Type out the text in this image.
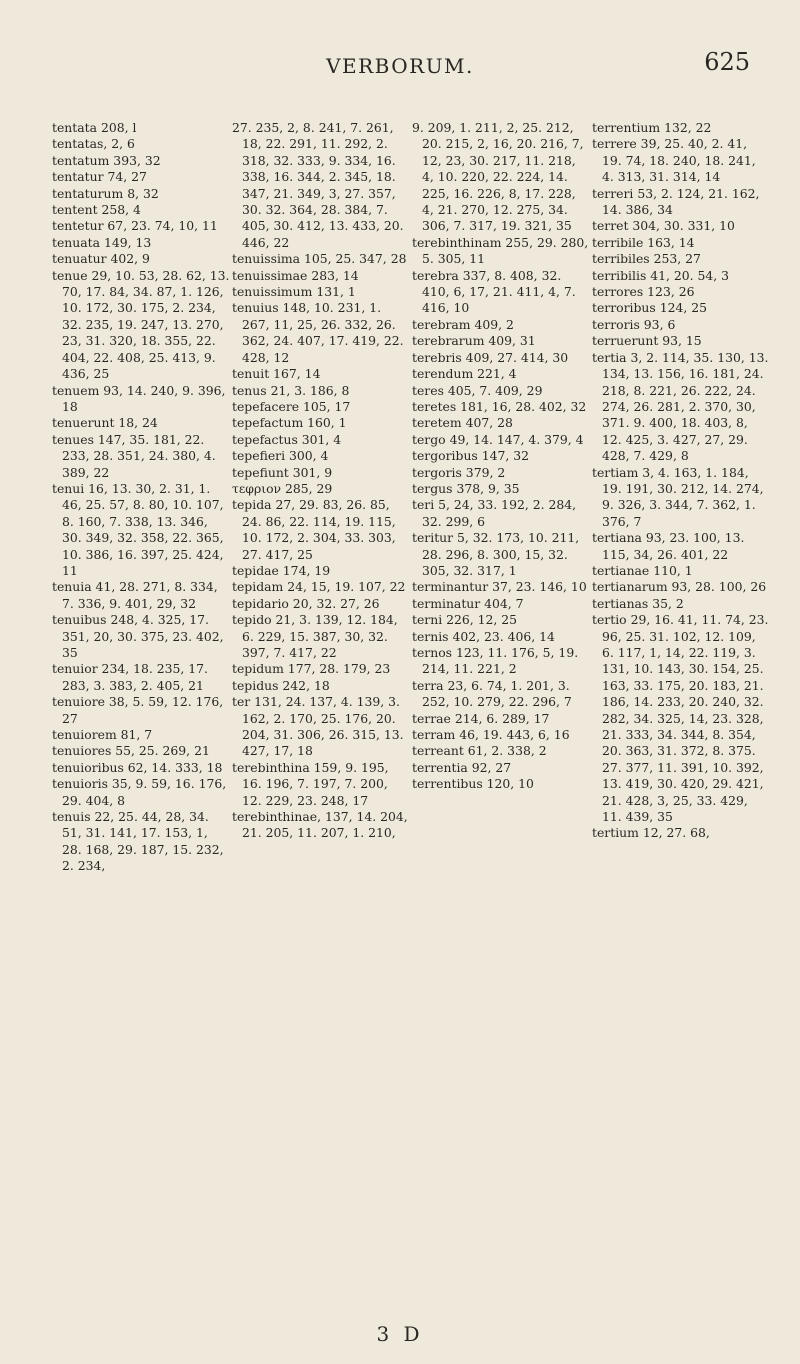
VERBORUM.	625
tentata 208, l
tentatas, 2, 6
tentatum 393, 32
tentatur 74, 27
tentaturum 8, 32
tentent 258, 4
tentetur 67, 23. 74, 10, 11
tenuata 149, 13
tenuatur 402, 9
tenue 29, 10. 53, 28. 62, 13. 70, 17. 84, 34. 87, 1. 126, 10. 172, 30. 175, 2. 234, 32. 235, 19. 247, 13. 270, 23, 31. 320, 18. 355, 22. 404, 22. 408, 25. 413, 9. 436, 25
tenuem 93, 14. 240, 9. 396, 18
tenuerunt 18, 24
tenues 147, 35. 181, 22. 233, 28. 351, 24. 380, 4. 389, 22
tenui 16, 13. 30, 2. 31, 1. 46, 25. 57, 8. 80, 10. 107, 8. 160, 7. 338, 13. 346, 30. 349, 32. 358, 22. 365, 10. 386, 16. 397, 25. 424, 11
tenuia 41, 28. 271, 8. 334, 7. 336, 9. 401, 29, 32
tenuibus 248, 4. 325, 17. 351, 20, 30. 375, 23. 402, 35
tenuior 234, 18. 235, 17. 283, 3. 383, 2. 405, 21
tenuiore 38, 5. 59, 12. 176, 27
tenuiorem 81, 7
tenuiores 55, 25. 269, 21
tenuioribus 62, 14. 333, 18
tenuioris 35, 9. 59, 16. 176, 29. 404, 8
tenuis 22, 25. 44, 28, 34. 51, 31. 141, 17. 153, 1, 28. 168, 29. 187, 15. 232, 2. 234,
27. 235, 2, 8. 241, 7. 261, 18, 22. 291, 11. 292, 2. 318, 32. 333, 9. 334, 16. 338, 16. 344, 2. 345, 18. 347, 21. 349, 3, 27. 357, 30. 32. 364, 28. 384, 7. 405, 30. 412, 13. 433, 20. 446, 22
tenuissima 105, 25. 347, 28
tenuissimae 283, 14
tenuissimum 131, 1
tenuius 148, 10. 231, 1. 267, 11, 25, 26. 332, 26. 362, 24. 407, 17. 419, 22. 428, 12
tenuit 167, 14
tenus 21, 3. 186, 8
tepefacere 105, 17
tepefactum 160, 1
tepefactus 301, 4
tepefieri 300, 4
tepefiunt 301, 9
τεφριον 285, 29
tepida 27, 29. 83, 26. 85, 24. 86, 22. 114, 19. 115, 10. 172, 2. 304, 33. 303, 27. 417, 25
tepidae 174, 19
tepidam 24, 15, 19. 107, 22
tepidario 20, 32. 27, 26
tepido 21, 3. 139, 12. 184, 6. 229, 15. 387, 30, 32. 397, 7. 417, 22
tepidum 177, 28. 179, 23
tepidus 242, 18
ter 131, 24. 137, 4. 139, 3. 162, 2. 170, 25. 176, 20. 204, 31. 306, 26. 315, 13. 427, 17, 18
terebinthina 159, 9. 195, 16. 196, 7. 197, 7. 200, 12. 229, 23. 248, 17
terebinthinae, 137, 14. 204, 21. 205, 11. 207, 1. 210,
9. 209, 1. 211, 2, 25. 212, 20. 215, 2, 16, 20. 216, 7, 12, 23, 30. 217, 11. 218, 4, 10. 220, 22. 224, 14. 225, 16. 226, 8, 17. 228, 4, 21. 270, 12. 275, 34. 306, 7. 317, 19. 321, 35
terebinthinam 255, 29. 280, 5. 305, 11
terebra 337, 8. 408, 32. 410, 6, 17, 21. 411, 4, 7. 416, 10
terebram 409, 2
terebrarum 409, 31
terebris 409, 27. 414, 30
terendum 221, 4
teres 405, 7. 409, 29
teretes 181, 16, 28. 402, 32
teretem 407, 28
tergo 49, 14. 147, 4. 379, 4
tergoribus 147, 32
tergoris 379, 2
tergus 378, 9, 35
teri 5, 24, 33. 192, 2. 284, 32. 299, 6
teritur 5, 32. 173, 10. 211, 28. 296, 8. 300, 15, 32. 305, 32. 317, 1
terminantur 37, 23. 146, 10
terminatur 404, 7
terni 226, 12, 25
ternis 402, 23. 406, 14
ternos 123, 11. 176, 5, 19. 214, 11. 221, 2
terra 23, 6. 74, 1. 201, 3. 252, 10. 279, 22. 296, 7
terrae 214, 6. 289, 17
terram 46, 19. 443, 6, 16
terreant 61, 2. 338, 2
terrentia 92, 27
terrentibus 120, 10
terrentium 132, 22
terrere 39, 25. 40, 2. 41, 19. 74, 18. 240, 18. 241, 4. 313, 31. 314, 14
terreri 53, 2. 124, 21. 162, 14. 386, 34
terret 304, 30. 331, 10
terribile 163, 14
terribiles 253, 27
terribilis 41, 20. 54, 3
terrores 123, 26
terroribus 124, 25
terroris 93, 6
terruerunt 93, 15
tertia 3, 2. 114, 35. 130, 13. 134, 13. 156, 16. 181, 24. 218, 8. 221, 26. 222, 24. 274, 26. 281, 2. 370, 30, 371. 9. 400, 18. 403, 8, 12. 425, 3. 427, 27, 29. 428, 7. 429, 8
tertiam 3, 4. 163, 1. 184, 19. 191, 30. 212, 14. 274, 9. 326, 3. 344, 7. 362, 1. 376, 7
tertiana 93, 23. 100, 13. 115, 34, 26. 401, 22
tertianae 110, 1
tertianarum 93, 28. 100, 26
tertianas 35, 2
tertio 29, 16. 41, 11. 74, 23. 96, 25. 31. 102, 12. 109, 6. 117, 1, 14, 22. 119, 3. 131, 10. 143, 30. 154, 25. 163, 33. 175, 20. 183, 21. 186, 14. 233, 20. 240, 32. 282, 34. 325, 14, 23. 328, 21. 333, 34. 344, 8. 354, 20. 363, 31. 372, 8. 375. 27. 377, 11. 391, 10. 392, 13. 419, 30. 420, 29. 421, 21. 428, 3, 25, 33. 429, 11. 439, 35
tertium 12, 27. 68,
3 D
